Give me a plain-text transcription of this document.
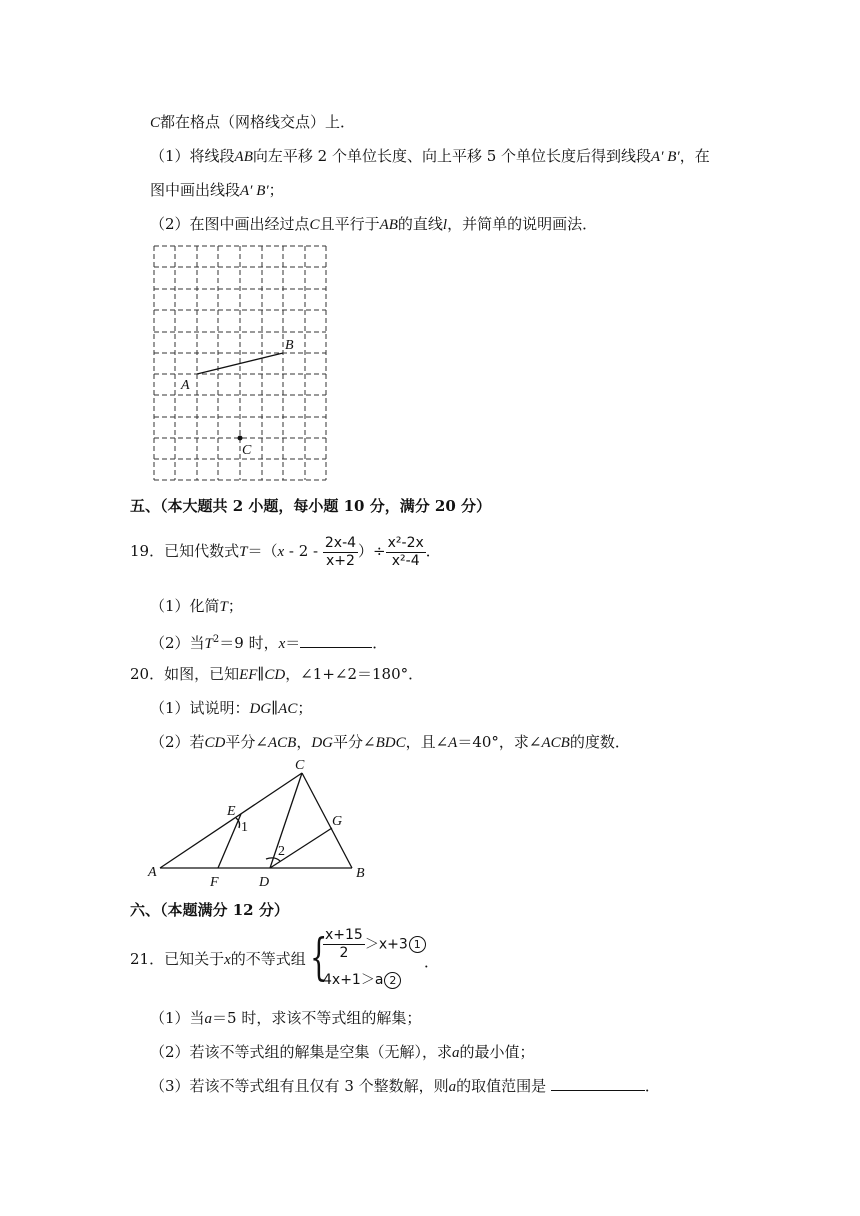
C都在格点（网格线交点）上．
（1）将线段AB向左平移 2 个单位长度、向上平移 5 个单位长度后得到线段A′ B′，在
图中画出线段A′ B′；
（2）在图中画出经过点C且平行于AB的直线l，并简单的说明画法．
A
B
C
五、（本大题共 2 小题，每小题 10 分，满分 20 分）
19．已知代数式$T=(x - 2 - \frac{2x-4}{x+2}$ ）÷ $\frac{\text{x²-2x}}{\text{x²-4}}$ ．
（1）化简T；
（2）当$T^2=9$ 时，x＝	．
20．如图，已知EF∥CD，∠1+∠2＝180°．
（1）试说明：DG∥AC；
（2）若CD平分∠ACB，DG平分∠BDC，且∠A＝40°，求∠ACB的度数．
C
E
1	G
2
A
F	D
B
六、（本题满分 12 分）
21．已知关于x的不等式组 {
$\frac{x+15}{2} >x+3$ 1
4x+1＞a 2
．
（1）当a＝5 时，求该不等式组的解集；
（2）若该不等式组的解集是空集（无解），求a的最小值；
（3）若该不等式组有且仅有 3 个整数解，则a的取值范围是	．
